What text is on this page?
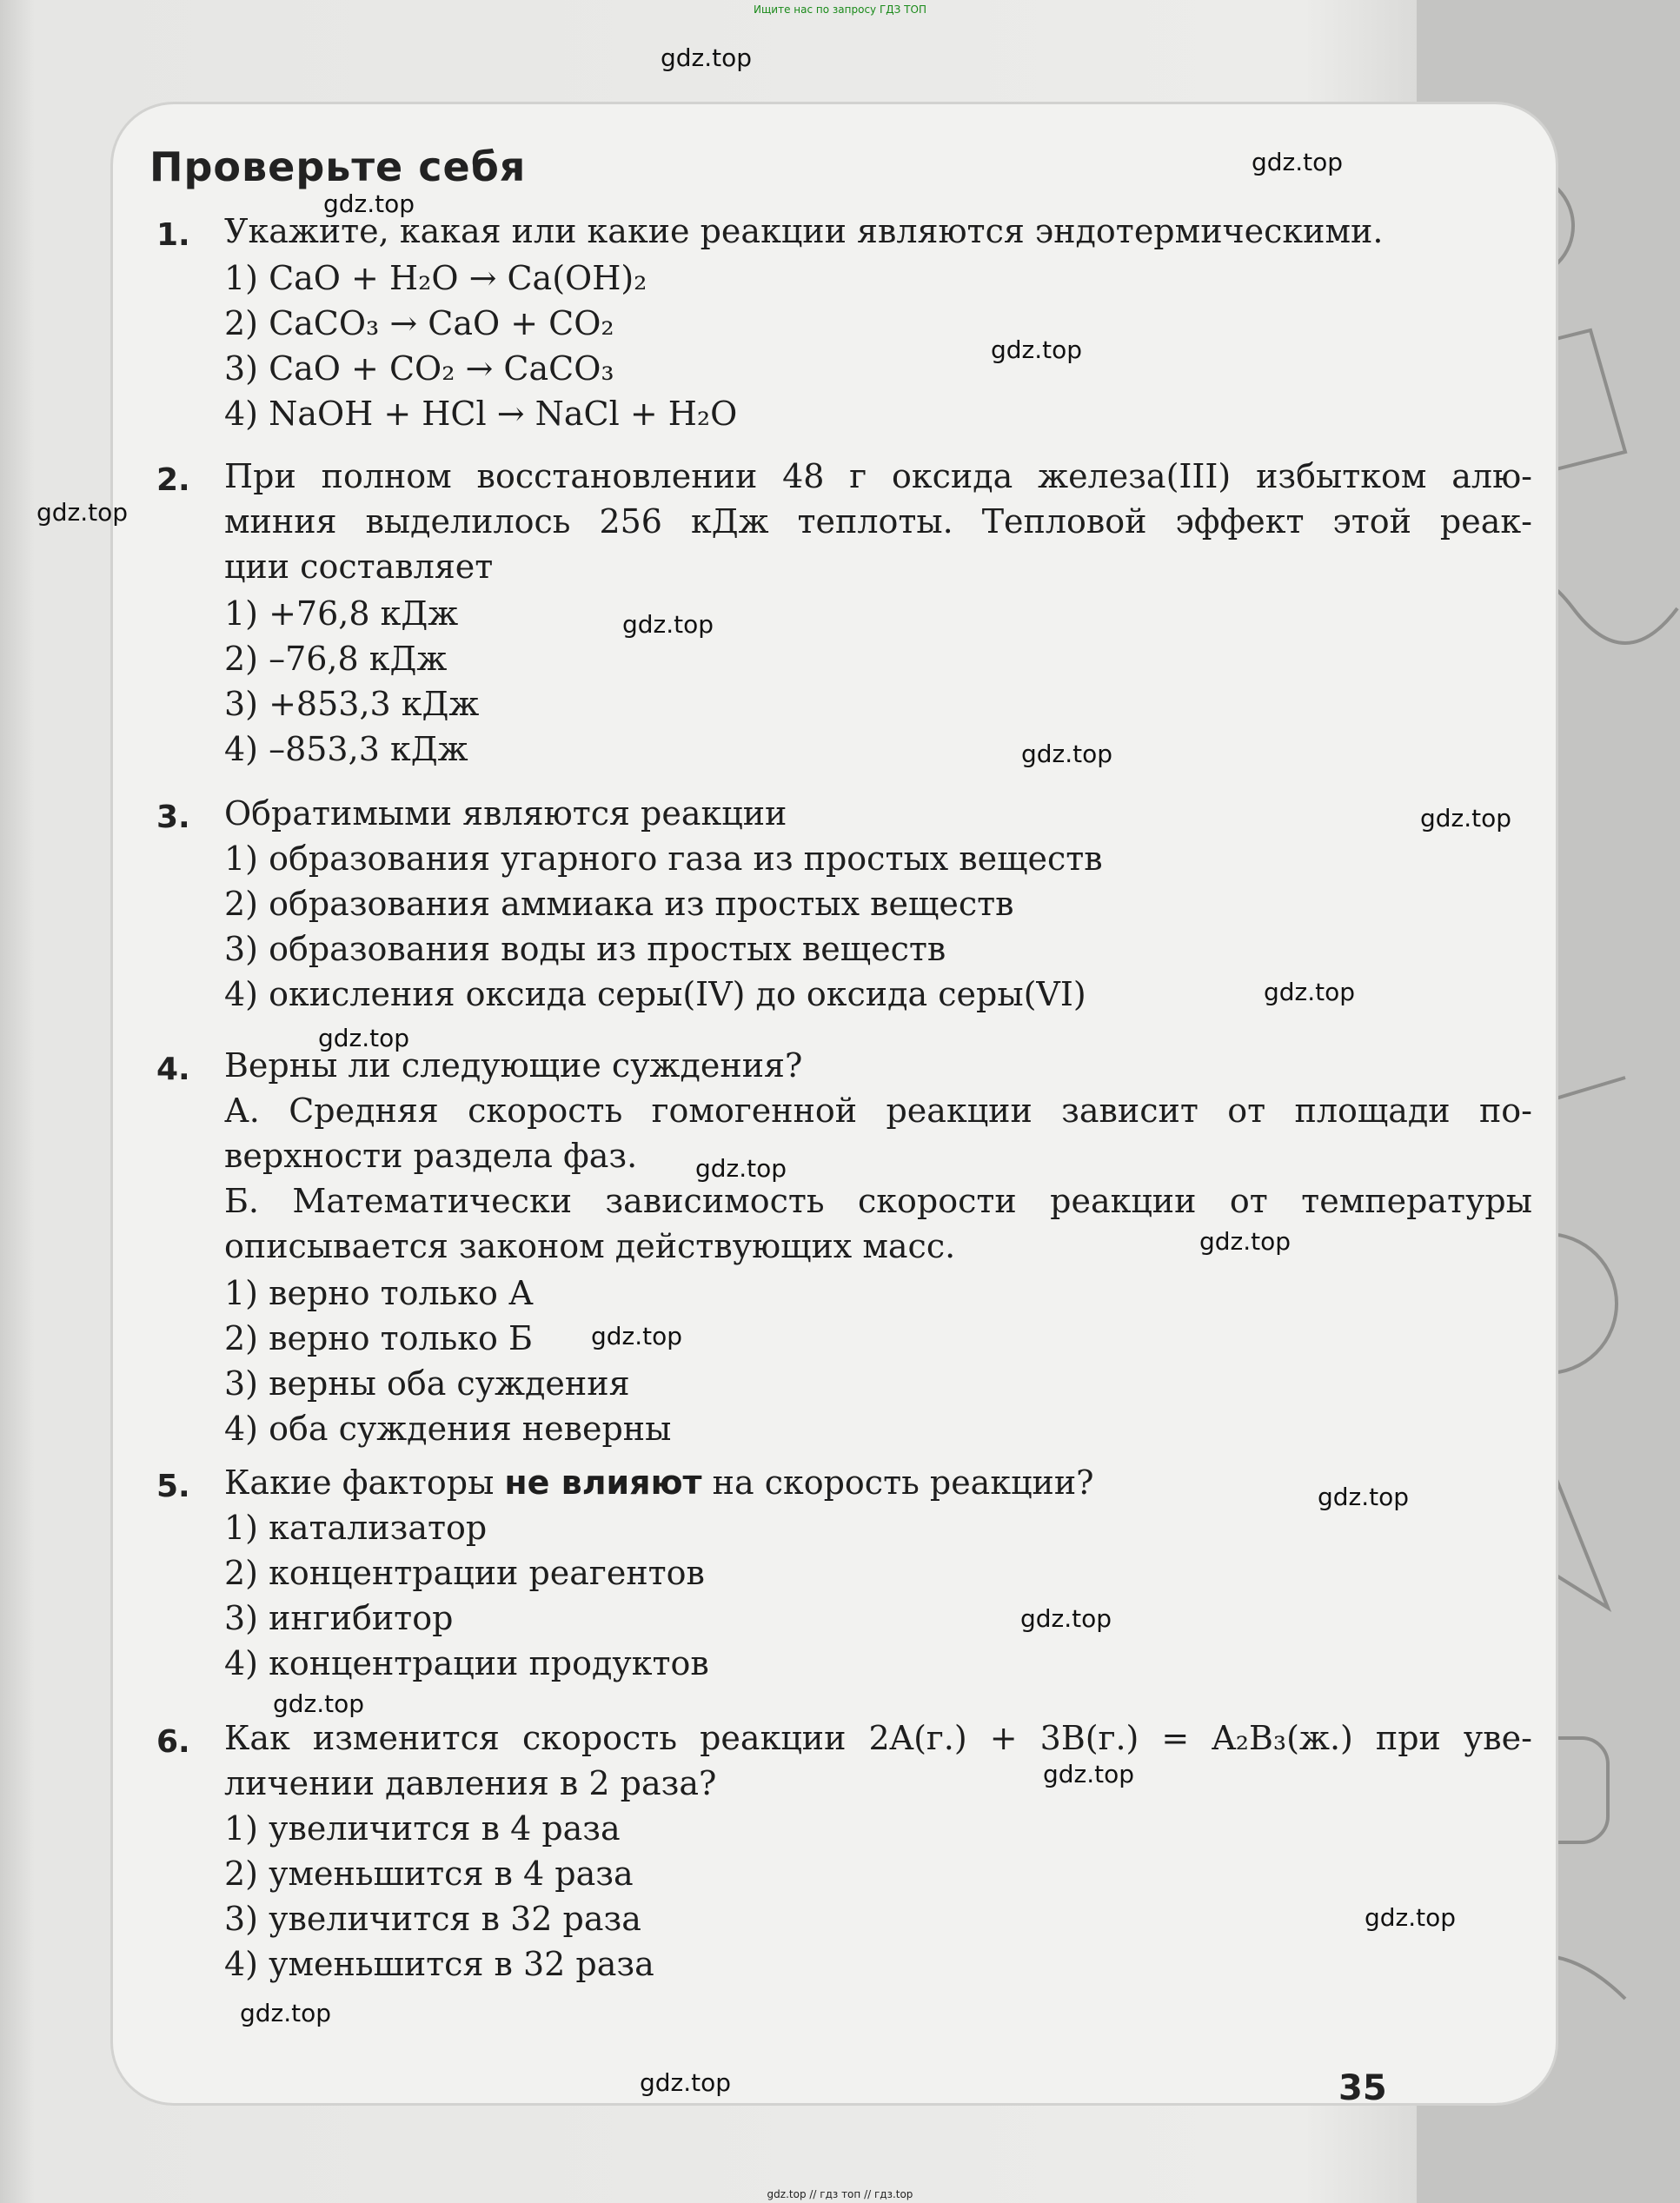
Ищите нас по запросу ГДЗ ТОП
gdz.top
gdz.top
gdz.top
gdz.top
gdz.top
gdz.top
gdz.top
gdz.top
gdz.top
gdz.top
gdz.top
gdz.top
gdz.top
gdz.top
gdz.top
gdz.top
gdz.top
gdz.top
gdz.top
gdz.top
Проверьте себя
1. Укажите, какая или какие реакции являются эндотермическими.
1) CaO + H₂O → Ca(OH)₂
2) CaCO₃ → CaO + CO₂
3) CaO + CO₂ → CaCO₃
4) NaOH + HCl → NaCl + H₂O
2. При полном восстановлении 48 г оксида железа(III) избытком алю-
миния выделилось 256 кДж теплоты. Тепловой эффект этой реак-
ции составляет
1) +76,8 кДж
2) –76,8 кДж
3) +853,3 кДж
4) –853,3 кДж
3. Обратимыми являются реакции
1) образования угарного газа из простых веществ
2) образования аммиака из простых веществ
3) образования воды из простых веществ
4) окисления оксида серы(IV) до оксида серы(VI)
4. Верны ли следующие суждения?
А. Средняя скорость гомогенной реакции зависит от площади по-
верхности раздела фаз.
Б. Математически зависимость скорости реакции от температуры
описывается законом действующих масс.
1) верно только А
2) верно только Б
3) верны оба суждения
4) оба суждения неверны
5. Какие факторы не влияют на скорость реакции?
1) катализатор
2) концентрации реагентов
3) ингибитор
4) концентрации продуктов
6. Как изменится скорость реакции 2A(г.) + 3B(г.) = A₂B₃(ж.) при уве-
личении давления в 2 раза?
1) увеличится в 4 раза
2) уменьшится в 4 раза
3) увеличится в 32 раза
4) уменьшится в 32 раза
35
gdz.top // гдз топ // гдз.top
